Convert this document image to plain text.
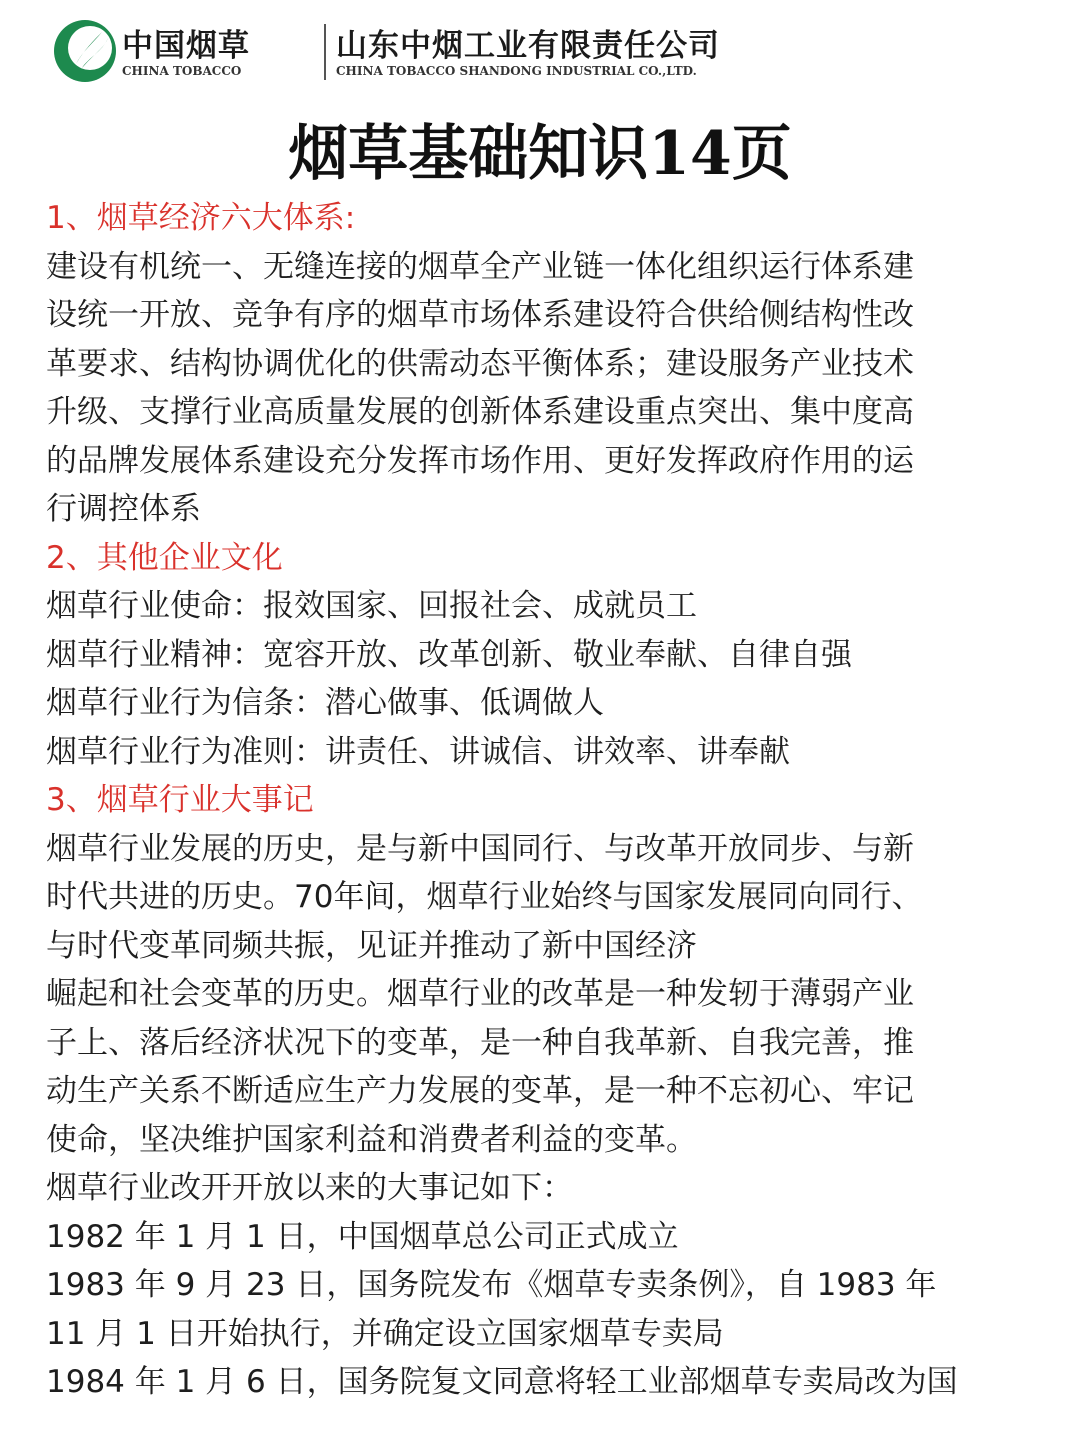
中国烟草
CHINA TOBACCO
山东中烟工业有限责任公司
CHINA TOBACCO SHANDONG INDUSTRIAL CO.,LTD.
烟草基础知识14页
1、烟草经济六大体系:
建设有机统一、无缝连接的烟草全产业链一体化组织运行体系建
设统一开放、竞争有序的烟草市场体系建设符合供给侧结构性改
革要求、结构协调优化的供需动态平衡体系；建设服务产业技术
升级、支撑行业高质量发展的创新体系建设重点突出、集中度高
的品牌发展体系建设充分发挥市场作用、更好发挥政府作用的运
行调控体系
2、其他企业文化
烟草行业使命：报效国家、回报社会、成就员工
烟草行业精神：宽容开放、改革创新、敬业奉献、自律自强
烟草行业行为信条：潜心做事、低调做人
烟草行业行为准则：讲责任、讲诚信、讲效率、讲奉献
3、烟草行业大事记
烟草行业发展的历史，是与新中国同行、与改革开放同步、与新
时代共进的历史。70年间，烟草行业始终与国家发展同向同行、
与时代变革同频共振，见证并推动了新中国经济
崛起和社会变革的历史。烟草行业的改革是一种发轫于薄弱产业
子上、落后经济状况下的变革，是一种自我革新、自我完善，推
动生产关系不断适应生产力发展的变革，是一种不忘初心、牢记
使命，坚决维护国家利益和消费者利益的变革。
烟草行业改开开放以来的大事记如下：
1982 年 1 月 1 日，中国烟草总公司正式成立
1983 年 9 月 23 日，国务院发布《烟草专卖条例》，自 1983 年
11 月 1 日开始执行，并确定设立国家烟草专卖局
1984 年 1 月 6 日，国务院复文同意将轻工业部烟草专卖局改为国
